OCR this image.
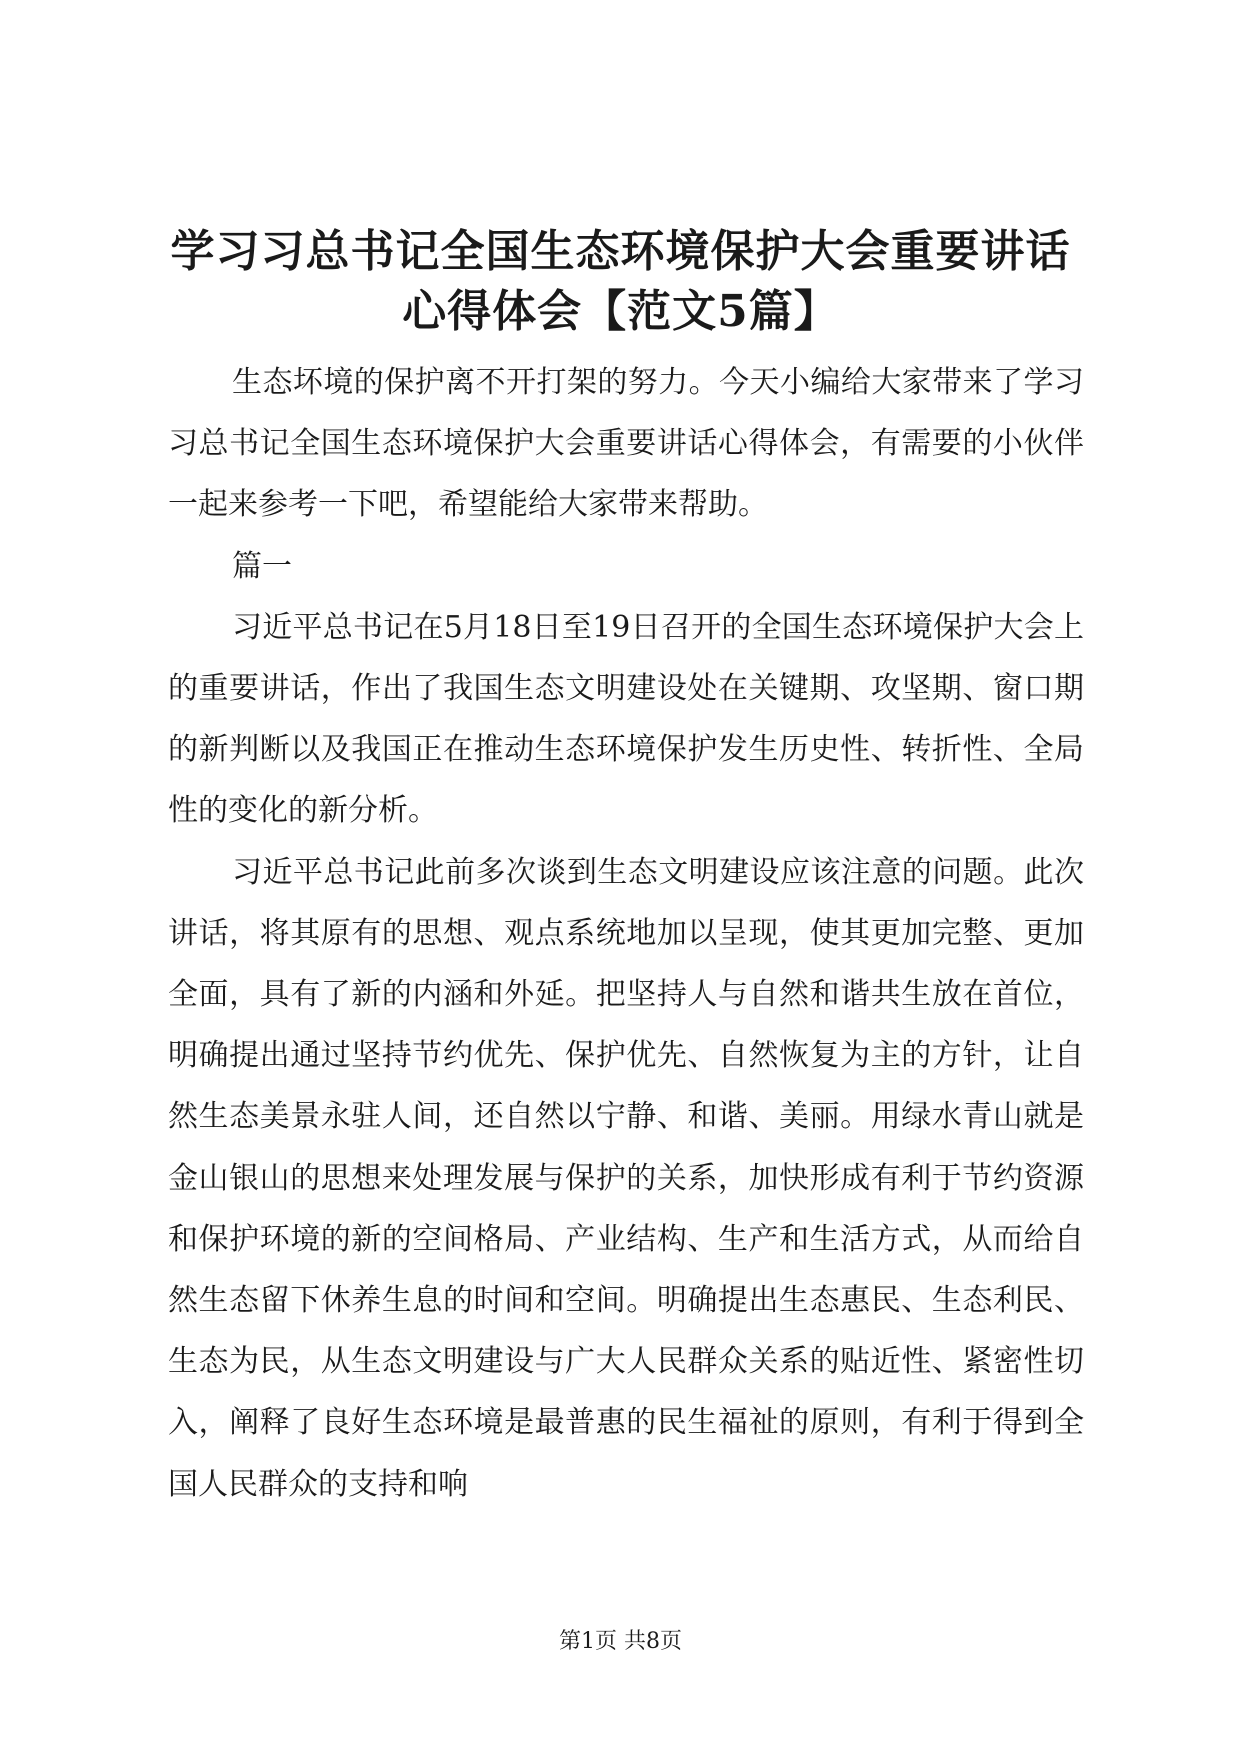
学习习总书记全国生态环境保护大会重要讲话
心得体会【范文5篇】

生态坏境的保护离不开打架的努力。今天小编给大家带来了学习习总书记全国生态环境保护大会重要讲话心得体会，有需要的小伙伴一起来参考一下吧，希望能给大家带来帮助。

篇一

习近平总书记在5月18日至19日召开的全国生态环境保护大会上的重要讲话，作出了我国生态文明建设处在关键期、攻坚期、窗口期的新判断以及我国正在推动生态环境保护发生历史性、转折性、全局性的变化的新分析。

习近平总书记此前多次谈到生态文明建设应该注意的问题。此次讲话，将其原有的思想、观点系统地加以呈现，使其更加完整、更加全面，具有了新的内涵和外延。把坚持人与自然和谐共生放在首位，明确提出通过坚持节约优先、保护优先、自然恢复为主的方针，让自然生态美景永驻人间，还自然以宁静、和谐、美丽。用绿水青山就是金山银山的思想来处理发展与保护的关系，加快形成有利于节约资源和保护环境的新的空间格局、产业结构、生产和生活方式，从而给自然生态留下休养生息的时间和空间。明确提出生态惠民、生态利民、生态为民，从生态文明建设与广大人民群众关系的贴近性、紧密性切入，阐释了良好生态环境是最普惠的民生福祉的原则，有利于得到全国人民群众的支持和响

第1页 共8页
